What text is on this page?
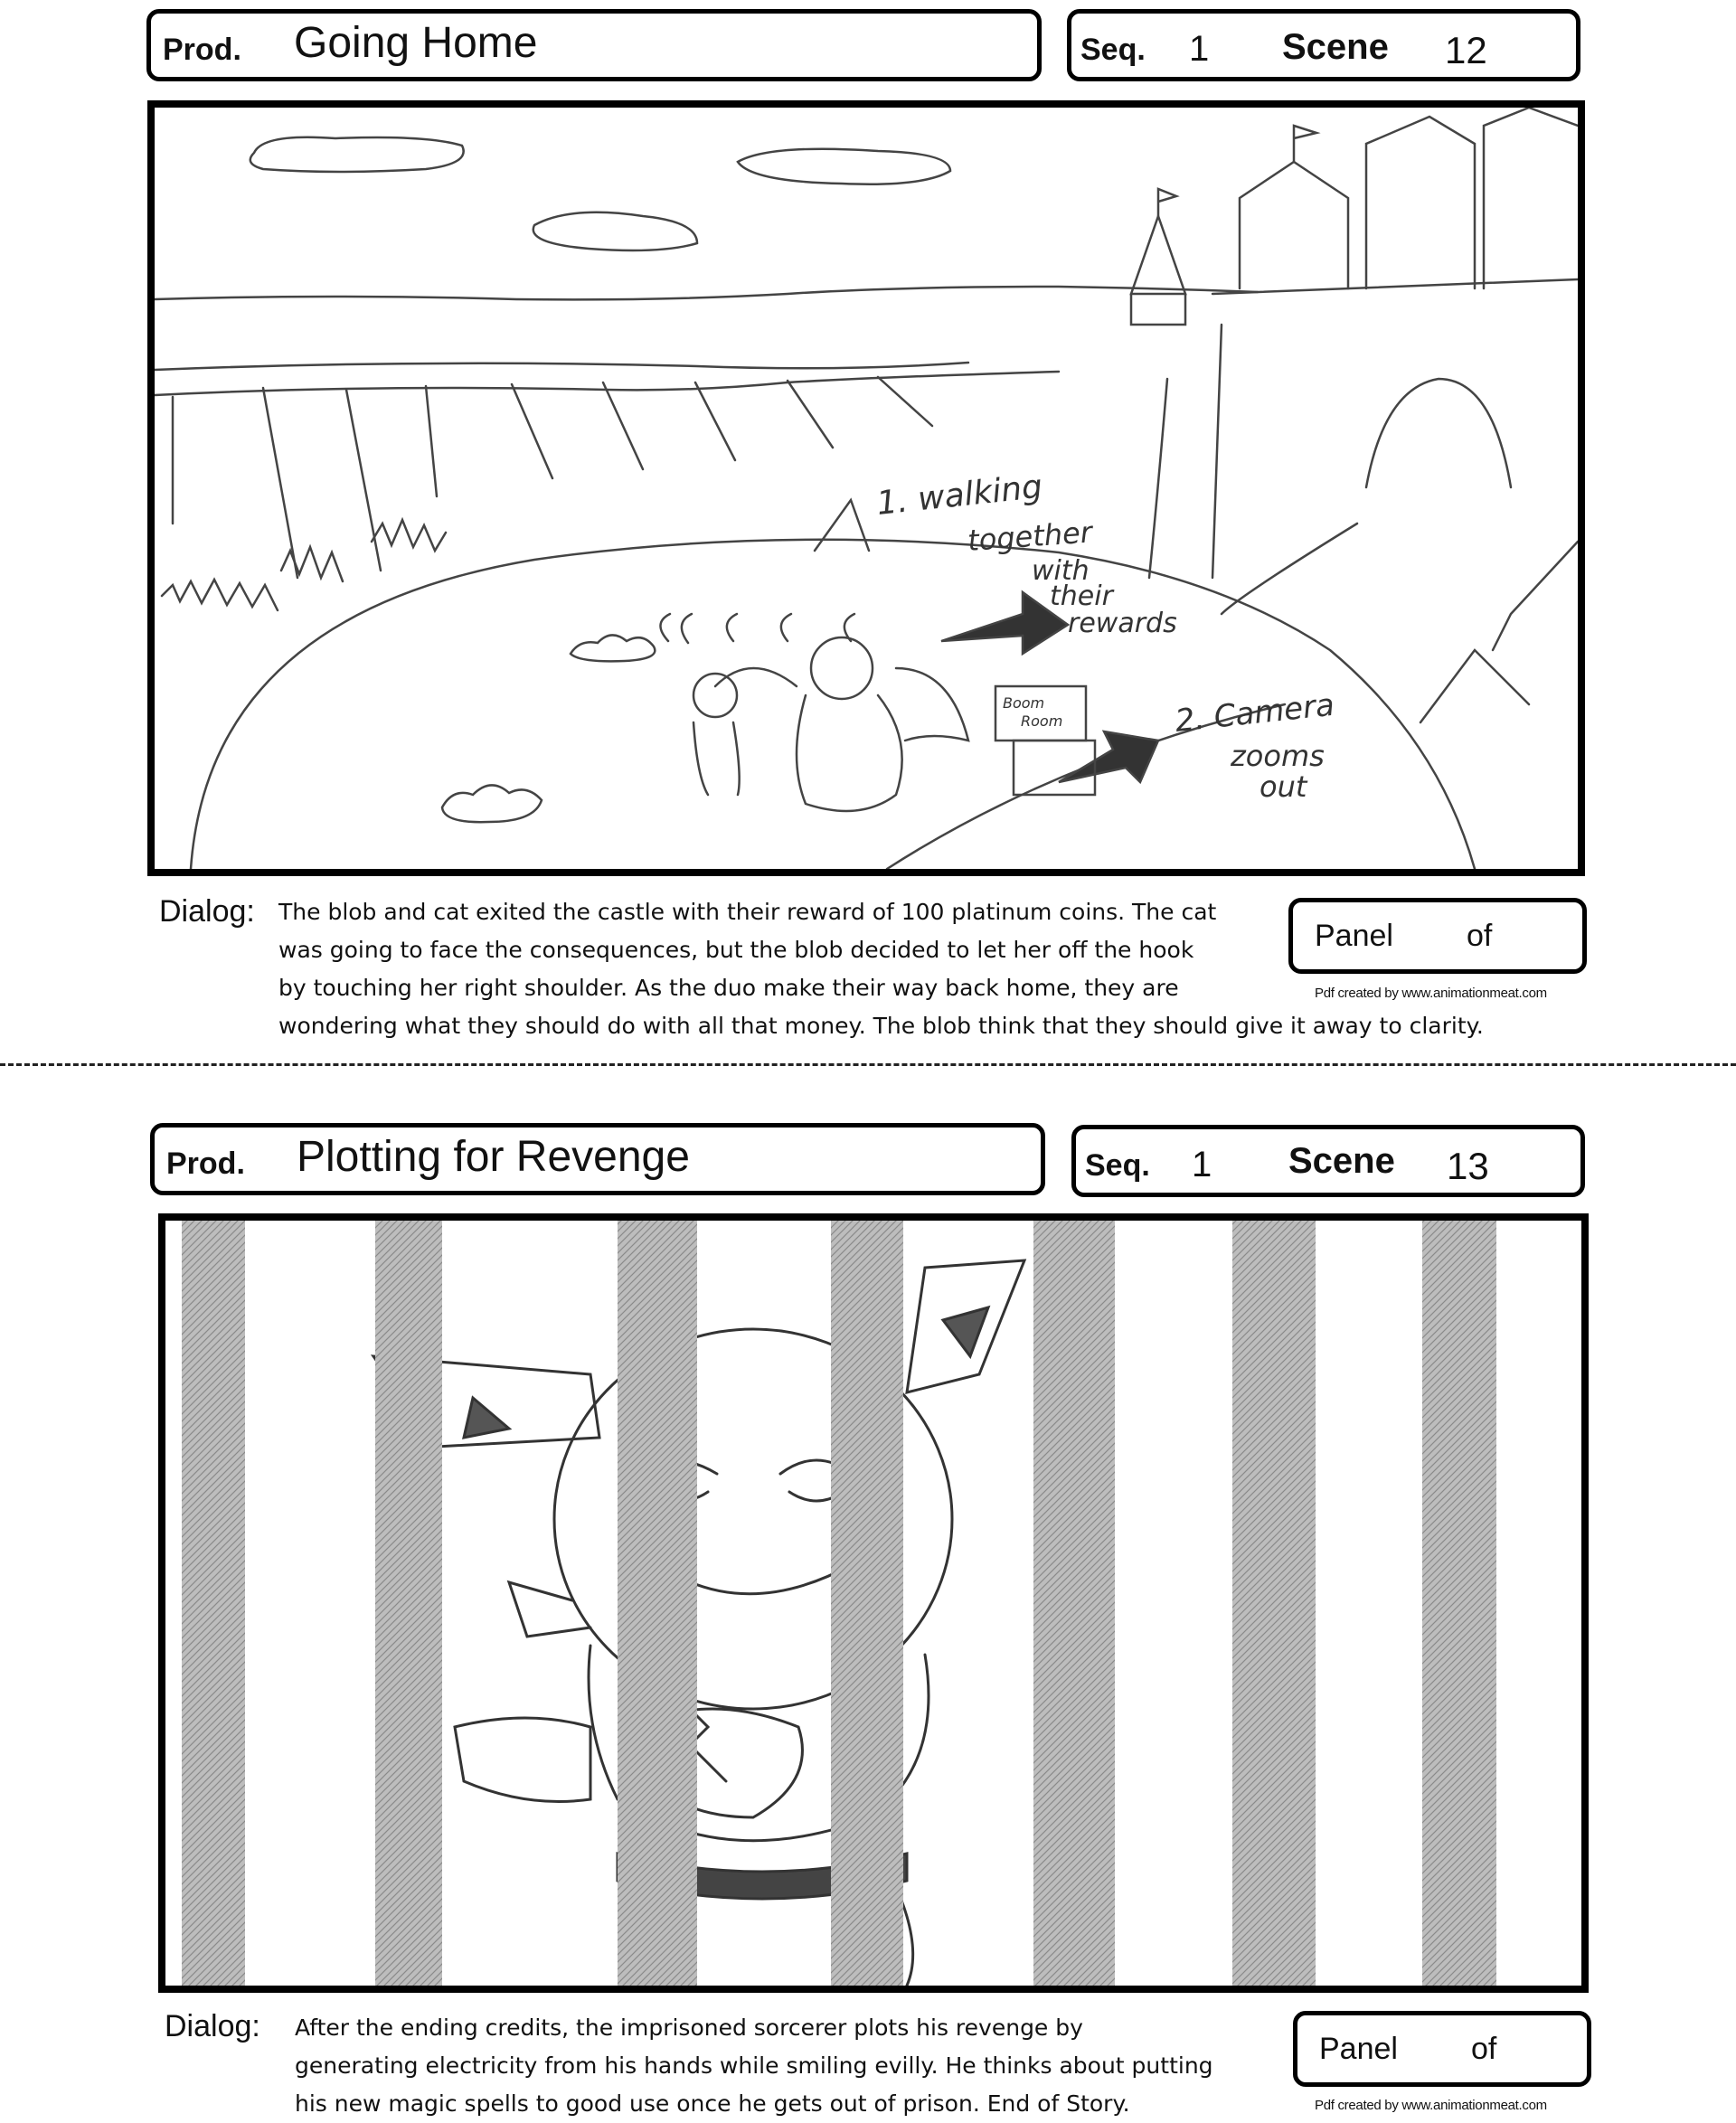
Prod. Going Home	Seq. 1 Scene 12
1. walking
together
with
their
rewards
2. Camera
zooms
out
Boom
Room
Dialog: The blob and cat exited the castle with their reward of 100 platinum coins. The cat
was going to face the consequences, but the blob decided to let her off the hook
by touching her right shoulder. As the duo make their way back home, they are
wondering what they should do with all that money. The blob think that they should give it away to clarity.
Panel of
Pdf created by www.animationmeat.com
Prod. Plotting for Revenge	Seq. 1 Scene 13
Dialog: After the ending credits, the imprisoned sorcerer plots his revenge by
generating electricity from his hands while smiling evilly. He thinks about putting
his new magic spells to good use once he gets out of prison. End of Story.
Panel of
Pdf created by www.animationmeat.com
